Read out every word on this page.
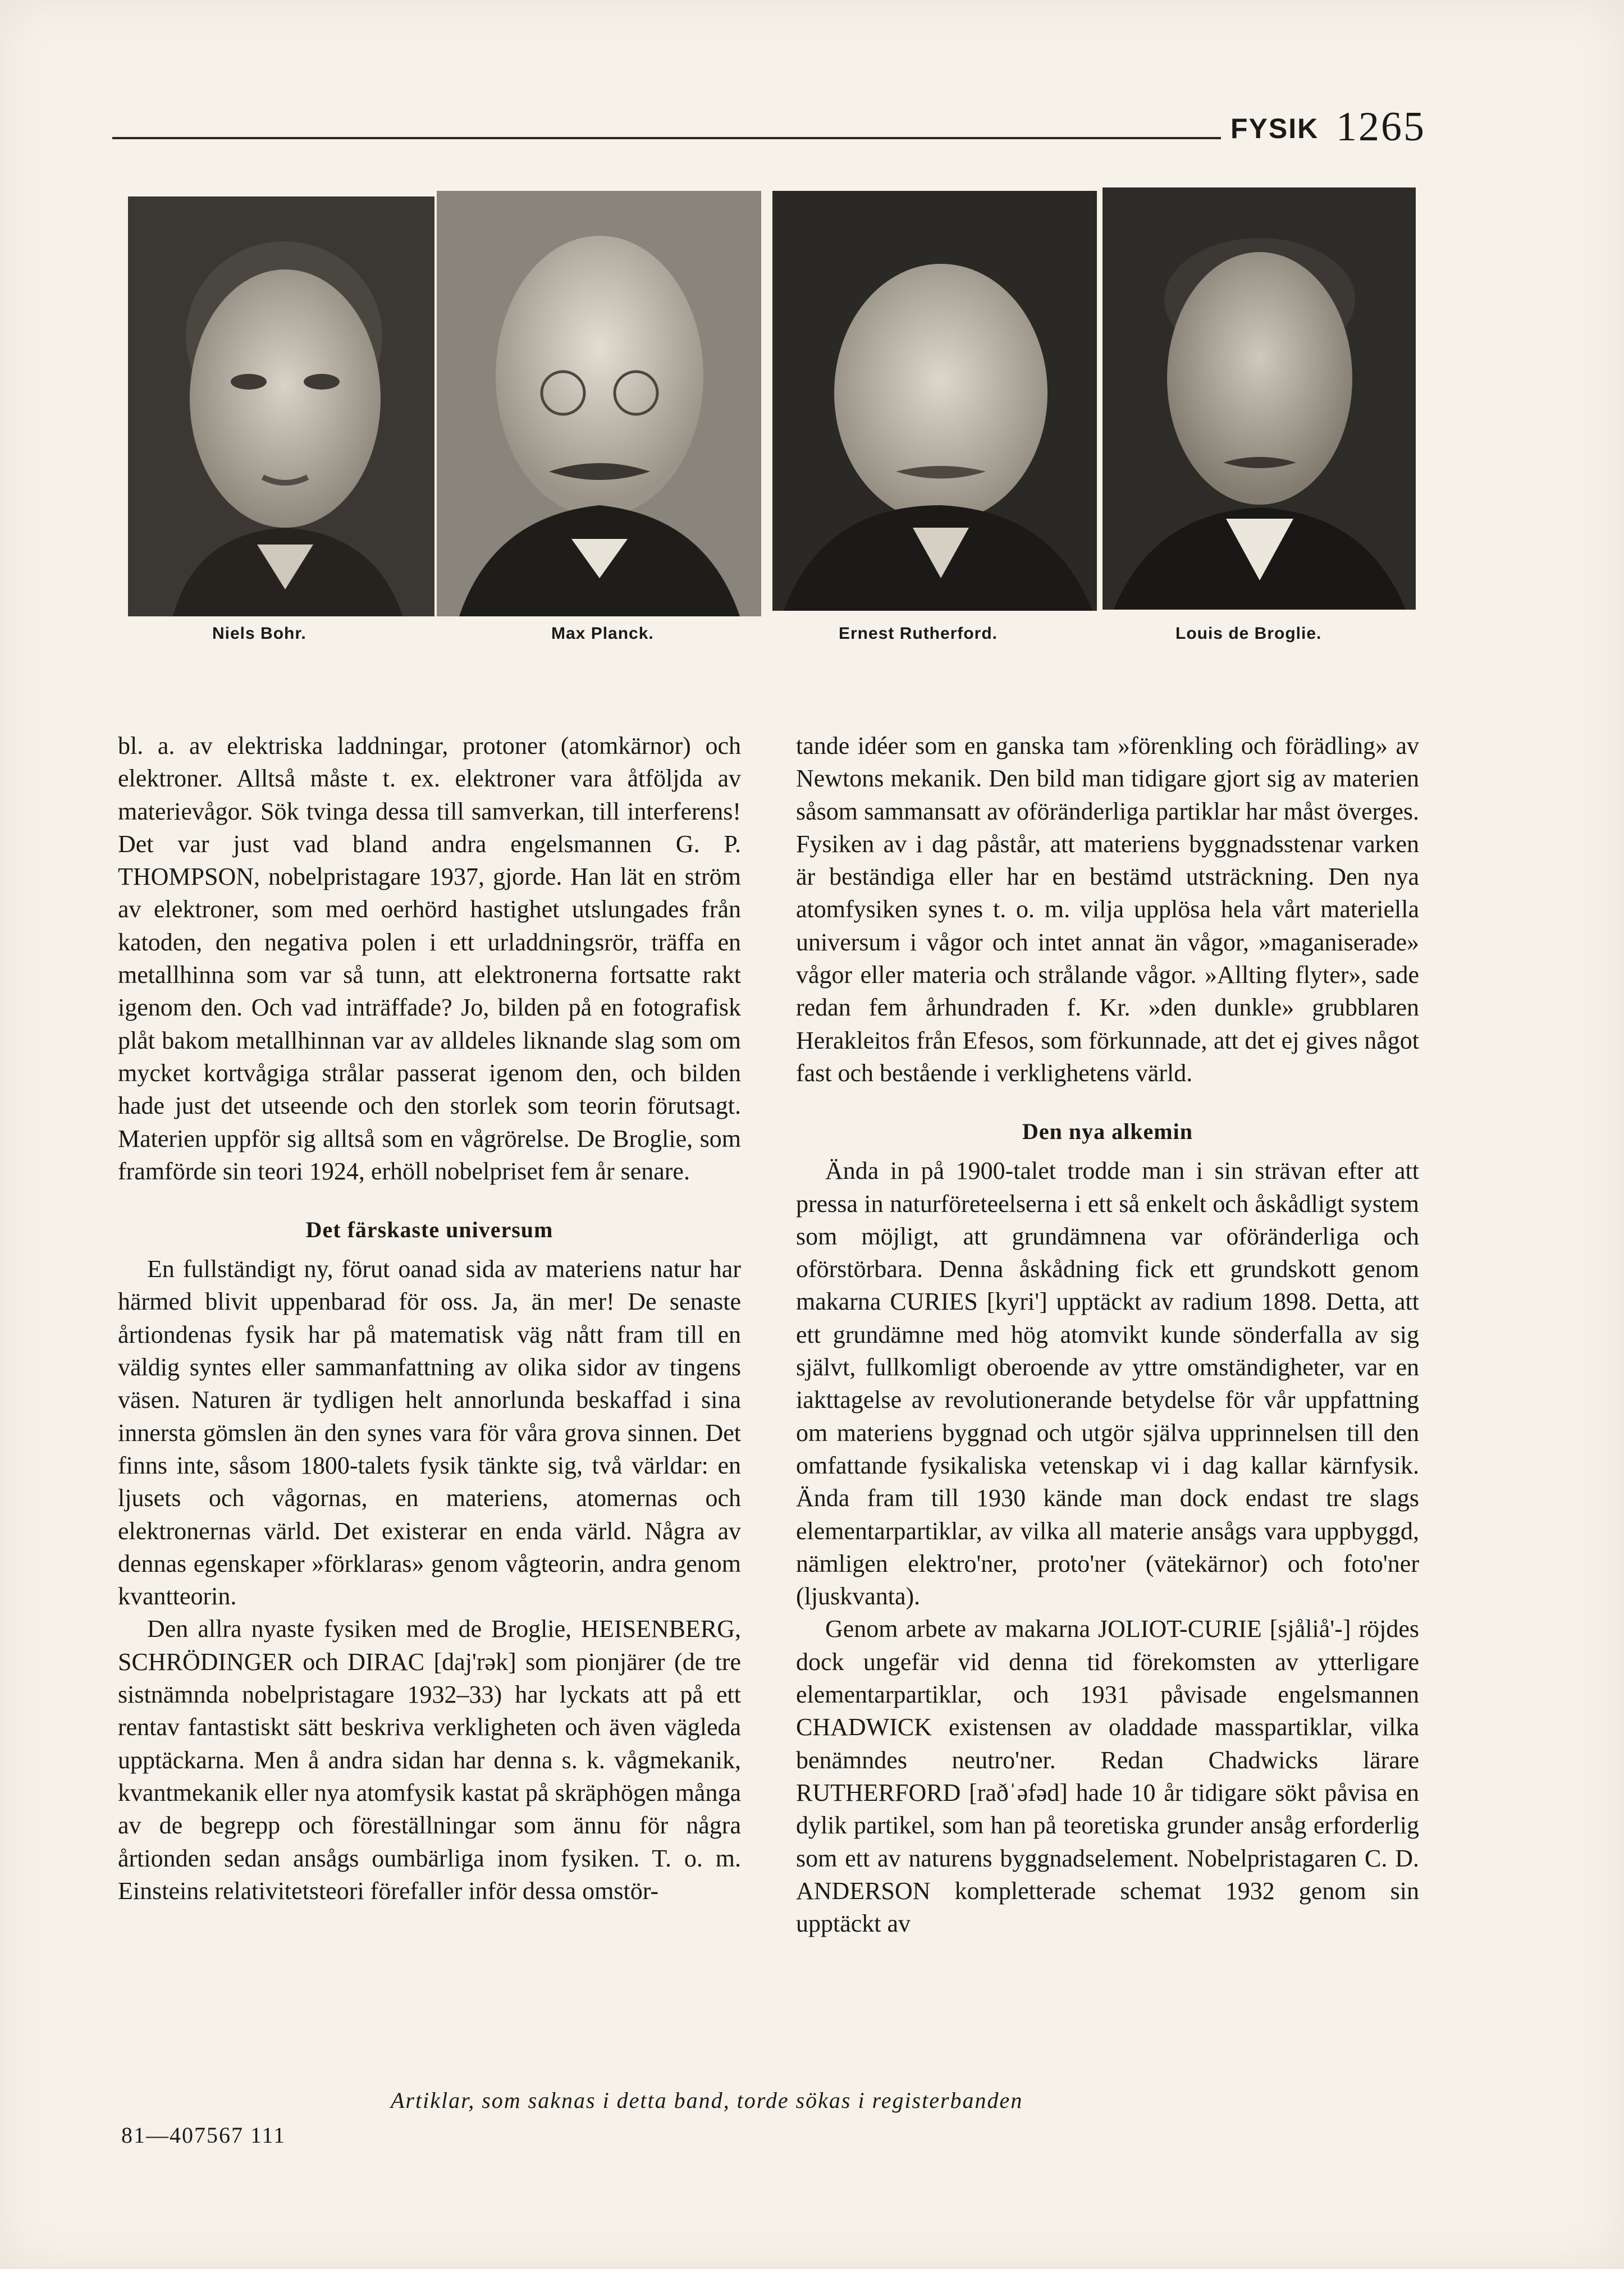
FYSIK 1265
Niels Bohr.	Max Planck.	Ernest Rutherford.	Louis de Broglie.

bl. a. av elektriska laddningar, protoner (atomkärnor) och elektroner. Alltså måste t. ex. elektroner vara åtföljda av materievågor. Sök tvinga dessa till samverkan, till interferens! Det var just vad bland andra engelsmannen G. P. THOMPSON, nobelpristagare 1937, gjorde. Han lät en ström av elektroner, som med oerhörd hastighet utslungades från katoden, den negativa polen i ett urladdningsrör, träffa en metallhinna som var så tunn, att elektronerna fortsatte rakt igenom den. Och vad inträffade? Jo, bilden på en fotografisk plåt bakom metallhinnan var av alldeles liknande slag som om mycket kortvågiga strålar passerat igenom den, och bilden hade just det utseende och den storlek som teorin förutsagt. Materien uppför sig alltså som en vågrörelse. De Broglie, som framförde sin teori 1924, erhöll nobelpriset fem år senare.

Det färskaste universum

En fullständigt ny, förut oanad sida av materiens natur har härmed blivit uppenbarad för oss. Ja, än mer! De senaste årtiondenas fysik har på matematisk väg nått fram till en väldig syntes eller sammanfattning av olika sidor av tingens väsen. Naturen är tydligen helt annorlunda beskaffad i sina innersta gömslen än den synes vara för våra grova sinnen. Det finns inte, såsom 1800-talets fysik tänkte sig, två världar: en ljusets och vågornas, en materiens, atomernas och elektronernas värld. Det existerar en enda värld. Några av dennas egenskaper »förklaras» genom vågteorin, andra genom kvantteorin.

Den allra nyaste fysiken med de Broglie, HEISENBERG, SCHRÖDINGER och DIRAC [daj'rək] som pionjärer (de tre sistnämnda nobelpristagare 1932–33) har lyckats att på ett rentav fantastiskt sätt beskriva verkligheten och även vägleda upptäckarna. Men å andra sidan har denna s. k. vågmekanik, kvantmekanik eller nya atomfysik kastat på skräphögen många av de begrepp och föreställningar som ännu för några årtionden sedan ansågs oumbärliga inom fysiken. T. o. m. Einsteins relativitetsteori förefaller inför dessa omstör-

tande idéer som en ganska tam »förenkling och förädling» av Newtons mekanik. Den bild man tidigare gjort sig av materien såsom sammansatt av oföränderliga partiklar har måst överges. Fysiken av i dag påstår, att materiens byggnadsstenar varken är beständiga eller har en bestämd utsträckning. Den nya atomfysiken synes t. o. m. vilja upplösa hela vårt materiella universum i vågor och intet annat än vågor, »maganiserade» vågor eller materia och strålande vågor. »Allting flyter», sade redan fem århundraden f. Kr. »den dunkle» grubblaren Herakleitos från Efesos, som förkunnade, att det ej gives något fast och bestående i verklighetens värld.

Den nya alkemin

Ända in på 1900-talet trodde man i sin strävan efter att pressa in naturföreteelserna i ett så enkelt och åskådligt system som möjligt, att grundämnena var oföränderliga och oförstörbara. Denna åskådning fick ett grundskott genom makarna CURIES [kyri'] upptäckt av radium 1898. Detta, att ett grundämne med hög atomvikt kunde sönderfalla av sig självt, fullkomligt oberoende av yttre omständigheter, var en iakttagelse av revolutionerande betydelse för vår uppfattning om materiens byggnad och utgör själva upprinnelsen till den omfattande fysikaliska vetenskap vi i dag kallar kärnfysik. Ända fram till 1930 kände man dock endast tre slags elementarpartiklar, av vilka all materie ansågs vara uppbyggd, nämligen elektro'ner, proto'ner (vätekärnor) och foto'ner (ljuskvanta).

Genom arbete av makarna JOLIOT-CURIE [sjåliå'-] röjdes dock ungefär vid denna tid förekomsten av ytterligare elementarpartiklar, och 1931 påvisade engelsmannen CHADWICK existensen av oladdade masspartiklar, vilka benämndes neutro'ner. Redan Chadwicks lärare RUTHERFORD [raðˈəfəd] hade 10 år tidigare sökt påvisa en dylik partikel, som han på teoretiska grunder ansåg erforderlig som ett av naturens byggnadselement. Nobelpristagaren C. D. ANDERSON kompletterade schemat 1932 genom sin upptäckt av

Artiklar, som saknas i detta band, torde sökas i registerbanden
81—407567 111
